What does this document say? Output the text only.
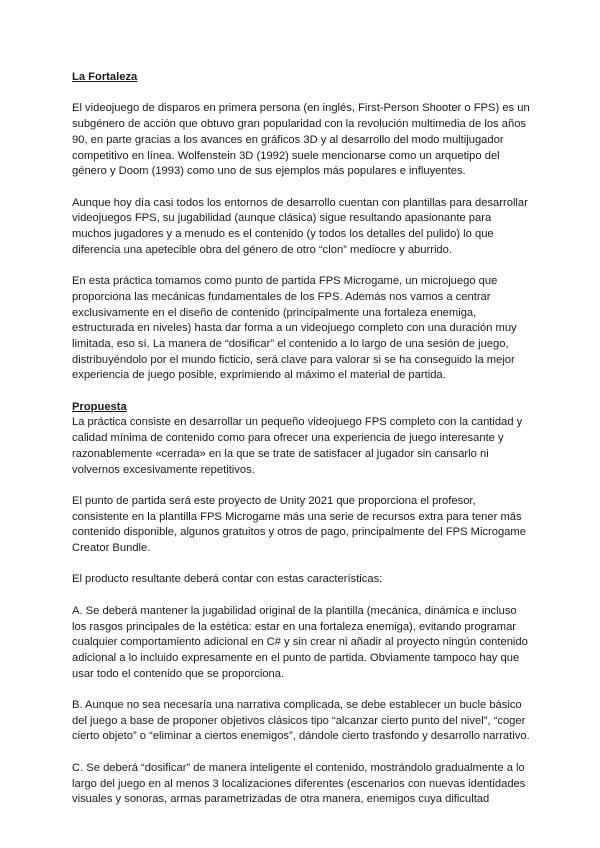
La Fortaleza

El videojuego de disparos en primera persona (en inglés, First-Person Shooter o FPS) es un subgénero de acción que obtuvo gran popularidad con la revolución multimedia de los años 90, en parte gracias a los avances en gráficos 3D y al desarrollo del modo multijugador competitivo en línea. Wolfenstein 3D (1992) suele mencionarse como un arquetipo del género y Doom (1993) como uno de sus ejemplos más populares e influyentes.

Aunque hoy día casi todos los entornos de desarrollo cuentan con plantillas para desarrollar videojuegos FPS, su jugabilidad (aunque clásica) sigue resultando apasionante para muchos jugadores y a menudo es el contenido (y todos los detalles del pulido) lo que diferencia una apetecible obra del género de otro “clon” mediocre y aburrido.

En esta práctica tomamos como punto de partida FPS Microgame, un microjuego que proporciona las mecánicas fundamentales de los FPS. Además nos vamos a centrar exclusivamente en el diseño de contenido (principalmente una fortaleza enemiga, estructurada en niveles) hasta dar forma a un videojuego completo con una duración muy limitada, eso sí. La manera de “dosificar” el contenido a lo largo de una sesión de juego, distribuyéndolo por el mundo ficticio, será clave para valorar si se ha conseguido la mejor experiencia de juego posible, exprimiendo al máximo el material de partida.

Propuesta

La práctica consiste en desarrollar un pequeño videojuego FPS completo con la cantidad y calidad mínima de contenido como para ofrecer una experiencia de juego interesante y razonablemente «cerrada» en la que se trate de satisfacer al jugador sin cansarlo ni volvernos excesivamente repetitivos.

El punto de partida será este proyecto de Unity 2021 que proporciona el profesor, consistente en la plantilla FPS Microgame más una serie de recursos extra para tener más contenido disponible, algunos gratuitos y otros de pago, principalmente del FPS Microgame Creator Bundle.

El producto resultante deberá contar con estas características:

A. Se deberá mantener la jugabilidad original de la plantilla (mecánica, dinámica e incluso los rasgos principales de la estética: estar en una fortaleza enemiga), evitando programar cualquier comportamiento adicional en C# y sin crear ni añadir al proyecto ningún contenido adicional a lo incluido expresamente en el punto de partida. Obviamente tampoco hay que usar todo el contenido que se proporciona.

B. Aunque no sea necesaria una narrativa complicada, se debe establecer un bucle básico del juego a base de proponer objetivos clásicos tipo “alcanzar cierto punto del nivel”, “coger cierto objeto” o “eliminar a ciertos enemigos”, dándole cierto trasfondo y desarrollo narrativo.

C. Se deberá “dosificar” de manera inteligente el contenido, mostrándolo gradualmente a lo largo del juego en al menos 3 localizaciones diferentes (escenarios con nuevas identidades visuales y sonoras, armas parametrizadas de otra manera, enemigos cuya dificultad
